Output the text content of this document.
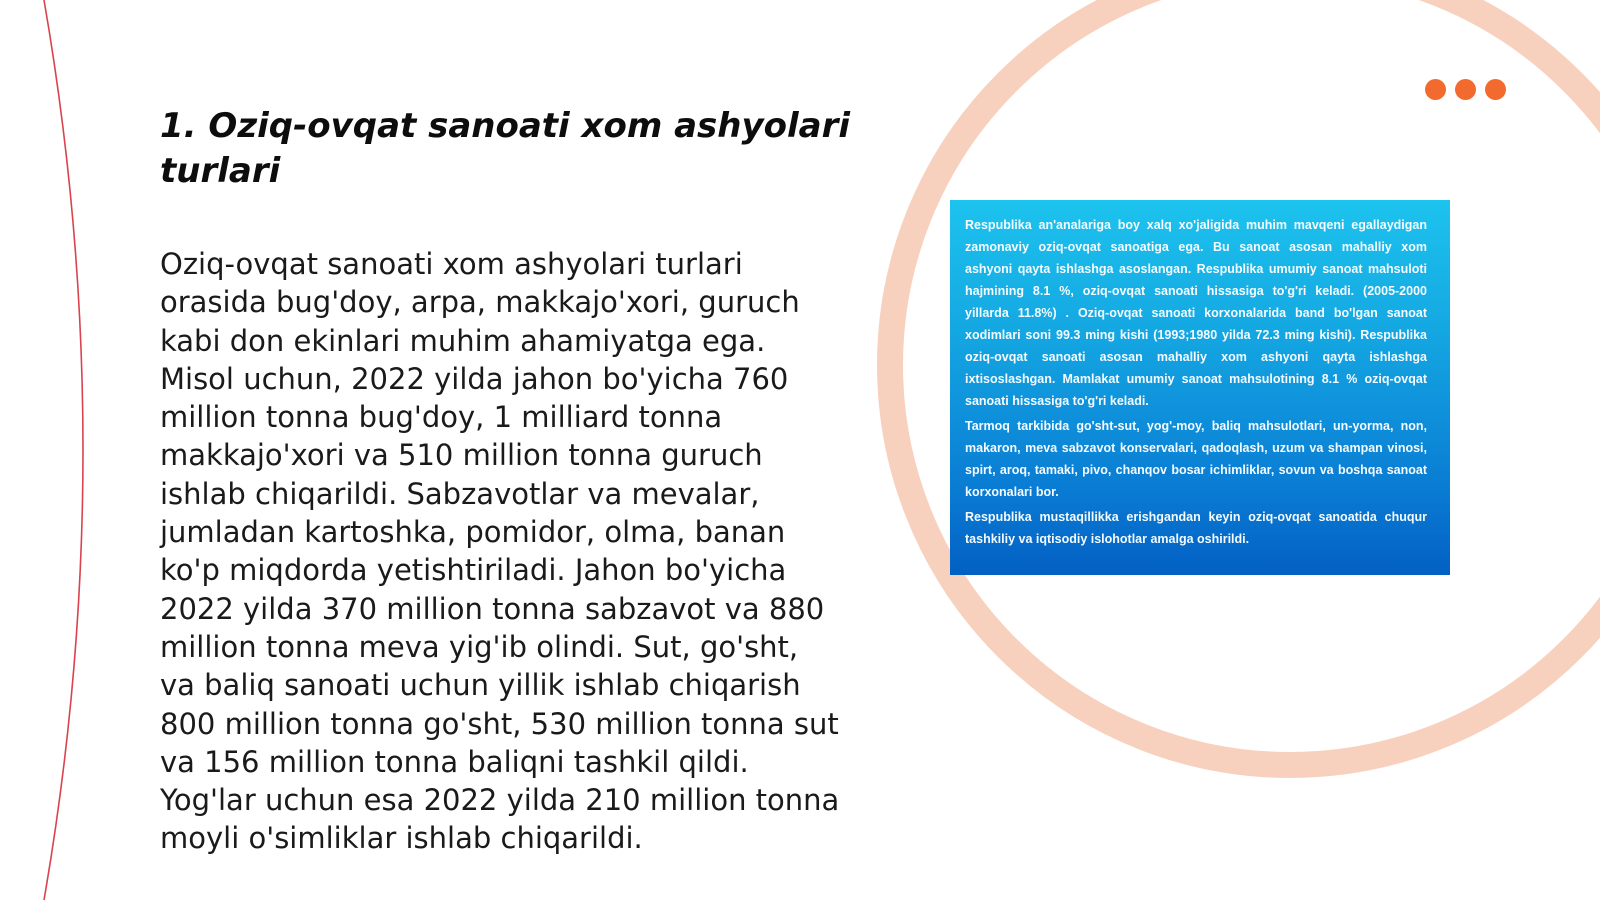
1. Oziq-ovqat sanoati xom ashyolari turlari

Oziq-ovqat sanoati xom ashyolari turlari orasida bug'doy, arpa, makkajo'xori, guruch kabi don ekinlari muhim ahamiyatga ega. Misol uchun, 2022 yilda jahon bo'yicha 760 million tonna bug'doy, 1 milliard tonna makkajo'xori va 510 million tonna guruch ishlab chiqarildi. Sabzavotlar va mevalar, jumladan kartoshka, pomidor, olma, banan ko'p miqdorda yetishtiriladi. Jahon bo'yicha 2022 yilda 370 million tonna sabzavot va 880 million tonna meva yig'ib olindi. Sut, go'sht, va baliq sanoati uchun yillik ishlab chiqarish 800 million tonna go'sht, 530 million tonna sut va 156 million tonna baliqni tashkil qildi. Yog'lar uchun esa 2022 yilda 210 million tonna moyli o'simliklar ishlab chiqarildi.

Respublika an'analariga boy xalq xo'jaligida muhim mavqeni egallaydigan zamonaviy oziq-ovqat sanoatiga ega. Bu sanoat asosan mahalliy xom ashyoni qayta ishlashga asoslangan. Respublika umumiy sanoat mahsuloti hajmining 8.1 %, oziq-ovqat sanoati hissasiga to'g'ri keladi. (2005-2000 yillarda 11.8%) . Oziq-ovqat sanoati korxonalarida band bo'lgan sanoat xodimlari soni 99.3 ming kishi (1993;1980 yilda 72.3 ming kishi). Respublika oziq-ovqat sanoati asosan mahalliy xom ashyoni qayta ishlashga ixtisoslashgan. Mamlakat umumiy sanoat mahsulotining 8.1 % oziq-ovqat sanoati hissasiga to'g'ri keladi.

Tarmoq tarkibida go'sht-sut, yog'-moy, baliq mahsulotlari, un-yorma, non, makaron, meva sabzavot konservalari, qadoqlash, uzum va shampan vinosi, spirt, aroq, tamaki, pivo, chanqov bosar ichimliklar, sovun va boshqa sanoat korxonalari bor.

Respublika mustaqillikka erishgandan keyin oziq-ovqat sanoatida chuqur tashkiliy va iqtisodiy islohotlar amalga oshirildi.
